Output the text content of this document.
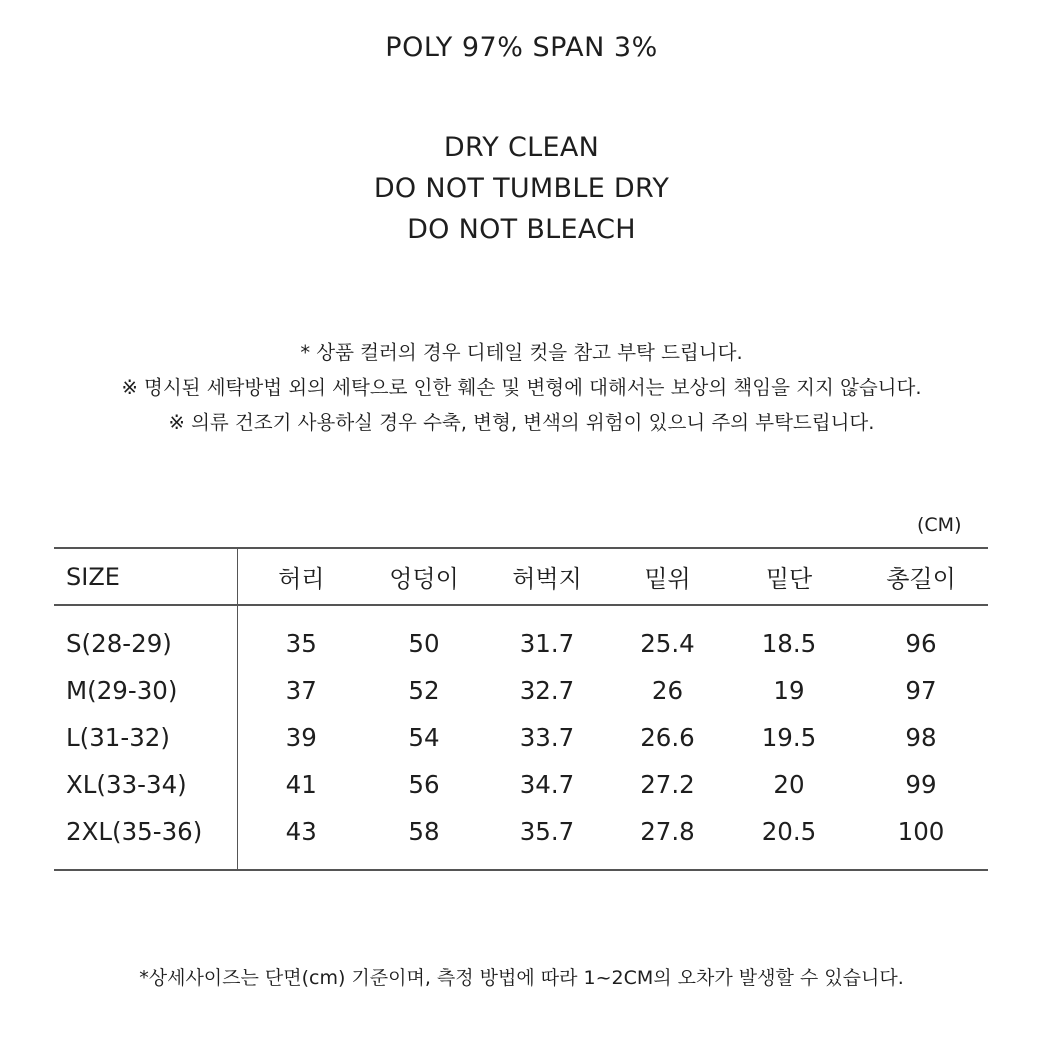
POLY 97% SPAN 3%
DRY CLEAN
DO NOT TUMBLE DRY
DO NOT BLEACH
* 상품 컬러의 경우 디테일 컷을 참고 부탁 드립니다.
※ 명시된 세탁방법 외의 세탁으로 인한 훼손 및 변형에 대해서는 보상의 책임을 지지 않습니다.
※ 의류 건조기 사용하실 경우 수축, 변형, 변색의 위험이 있으니 주의 부탁드립니다.
(CM)
SIZE	허리	엉덩이	허벅지	밑위	밑단	총길이
S(28-29)	35	50	31.7	25.4	18.5	96
M(29-30)	37	52	32.7	26	19	97
L(31-32)	39	54	33.7	26.6	19.5	98
XL(33-34)	41	56	34.7	27.2	20	99
2XL(35-36)	43	58	35.7	27.8	20.5	100
*상세사이즈는 단면(cm) 기준이며, 측정 방법에 따라 1~2CM의 오차가 발생할 수 있습니다.
